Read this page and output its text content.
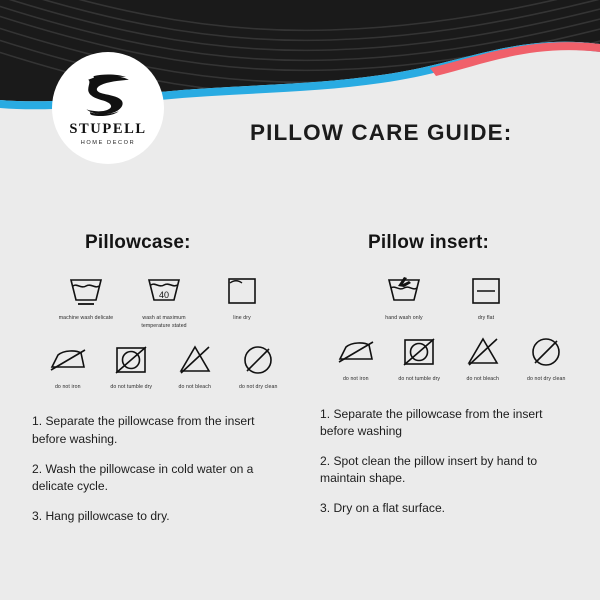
STUPELL
HOME DECOR	PILLOW CARE GUIDE:
Pillowcase:
machine wash delicate
40
wash at maximum temperature stated
line dry
do not iron	do not tumble dry	do not bleach	do not dry clean
1. Separate the pillowcase from the insert before washing.
2. Wash the pillowcase in cold water on a delicate cycle.
3. Hang pillowcase to dry.
Pillow insert:
hand wash only	dry flat
do not iron	do not tumble dry	do not bleach	do not dry clean
1. Separate the pillowcase from the insert before washing
2. Spot clean the pillow insert by hand to maintain shape.
3. Dry on a flat surface.
